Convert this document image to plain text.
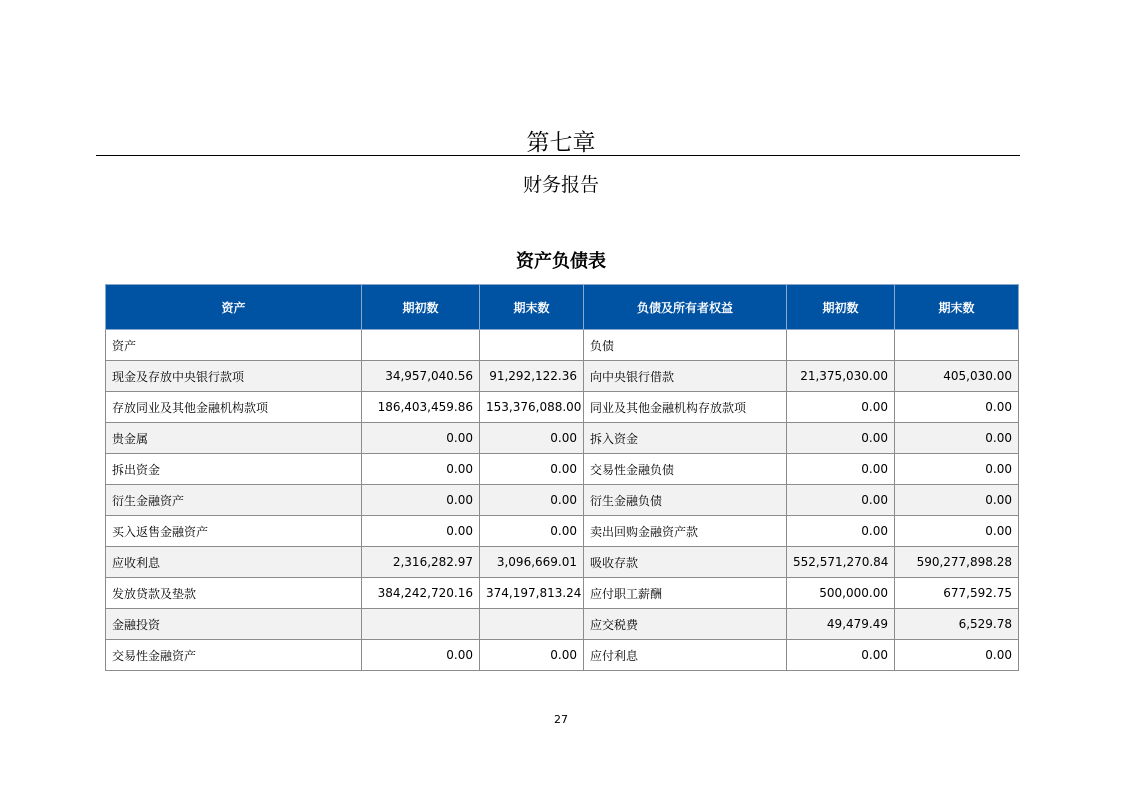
第七章
财务报告
资产负债表
资产	期初数	期末数	负债及所有者权益	期初数	期末数
资产			负债		
现金及存放中央银行款项	34,957,040.56	91,292,122.36	向中央银行借款	21,375,030.00	405,030.00
存放同业及其他金融机构款项	186,403,459.86	153,376,088.00	同业及其他金融机构存放款项	0.00	0.00
贵金属	0.00	0.00	拆入资金	0.00	0.00
拆出资金	0.00	0.00	交易性金融负债	0.00	0.00
衍生金融资产	0.00	0.00	衍生金融负债	0.00	0.00
买入返售金融资产	0.00	0.00	卖出回购金融资产款	0.00	0.00
应收利息	2,316,282.97	3,096,669.01	吸收存款	552,571,270.84	590,277,898.28
发放贷款及垫款	384,242,720.16	374,197,813.24	应付职工薪酬	500,000.00	677,592.75
金融投资			应交税费	49,479.49	6,529.78
交易性金融资产	0.00	0.00	应付利息	0.00	0.00
27
